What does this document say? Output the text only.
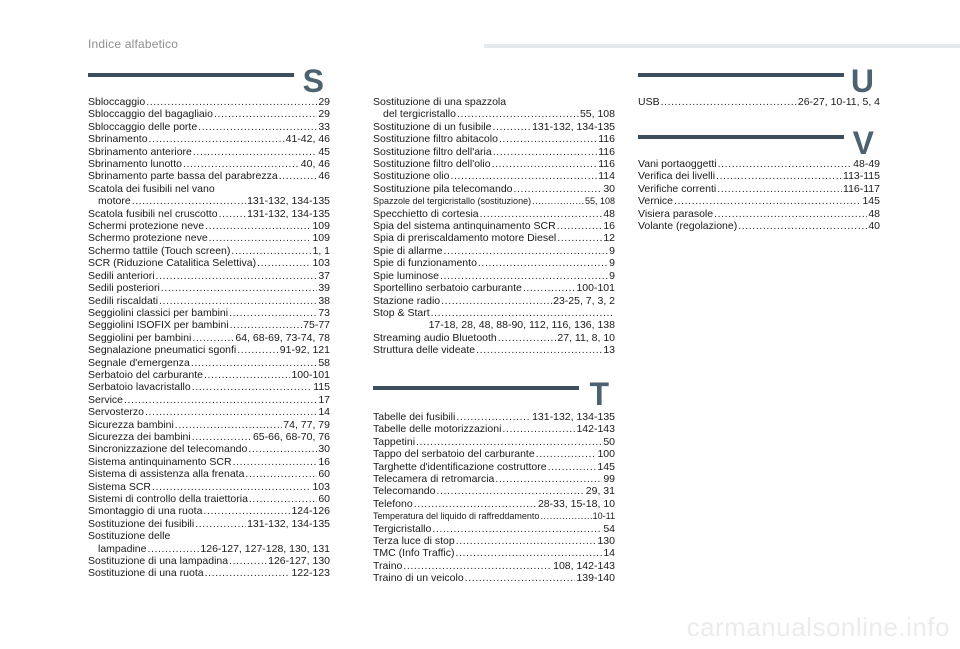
Indice alfabetico
S
Sbloccaggio .....	29
Sbloccaggio del bagagliaio .....	29
Sbloccaggio delle porte .....	33
Sbrinamento .....	41-42, 46
Sbrinamento anteriore .....	45
Sbrinamento lunotto .....	40, 46
Sbrinamento parte bassa del parabrezza .....	46
Scatola dei fusibili nel vano
motore .....	131-132, 134-135
Scatola fusibili nel cruscotto .....	131-132, 134-135
Schermi protezione neve .....	109
Schermo protezione neve .....	109
Schermo tattile (Touch screen) .....	1, 1
SCR (Riduzione Catalitica Selettiva) .....	103
Sedili anteriori .....	37
Sedili posteriori .....	39
Sedili riscaldati .....	38
Seggiolini classici per bambini .....	73
Seggiolini ISOFIX per bambini .....	75-77
Seggiolini per bambini .....	64, 68-69, 73-74, 78
Segnalazione pneumatici sgonfi .....	91-92, 121
Segnale d'emergenza .....	58
Serbatoio del carburante .....	100-101
Serbatoio lavacristallo .....	115
Service .....	17
Servosterzo .....	14
Sicurezza bambini .....	74, 77, 79
Sicurezza dei bambini .....	65-66, 68-70, 76
Sincronizzazione del telecomando .....	30
Sistema antinquinamento SCR .....	16
Sistema di assistenza alla frenata .....	60
Sistema SCR .....	103
Sistemi di controllo della traiettoria .....	60
Smontaggio di una ruota .....	124-126
Sostituzione dei fusibili .....	131-132, 134-135
Sostituzione delle
lampadine .....	126-127, 127-128, 130, 131
Sostituzione di una lampadina .....	126-127, 130
Sostituzione di una ruota .....	122-123
Sostituzione di una spazzola
del tergicristallo .....	55, 108
Sostituzione di un fusibile .....	131-132, 134-135
Sostituzione filtro abitacolo .....	116
Sostituzione filtro dell'aria .....	116
Sostituzione filtro dell'olio .....	116
Sostituzione olio .....	114
Sostituzione pila telecomando .....	30
Spazzole del tergicristallo (sostituzione) .....	55, 108
Specchietto di cortesia .....	48
Spia del sistema antinquinamento SCR .....	16
Spia di preriscaldamento motore Diesel .....	12
Spie di allarme .....	9
Spie di funzionamento .....	9
Spie luminose .....	9
Sportellino serbatoio carburante .....	100-101
Stazione radio .....	23-25, 7, 3, 2
Stop & Start
.....
17-18, 28, 48, 88-90, 112, 116, 136, 138
Streaming audio Bluetooth .....	27, 11, 8, 10
Struttura delle videate .....	13
T
Tabelle dei fusibili .....	131-132, 134-135
Tabelle delle motorizzazioni .....	142-143
Tappetini .....	50
Tappo del serbatoio del carburante .....	100
Targhette d'identificazione costruttore .....	145
Telecamera di retromarcia .....	99
Telecomando .....	29, 31
Telefono .....	28-33, 15-18, 10
Temperatura del liquido di raffreddamento .....	10-11
Tergicristallo .....	54
Terza luce di stop .....	130
TMC (Info Traffic) .....	14
Traino .....	108, 142-143
Traino di un veicolo .....	139-140
U
USB .....	26-27, 10-11, 5, 4
V
Vani portaoggetti .....	48-49
Verifica dei livelli .....	113-115
Verifiche correnti .....	116-117
Vernice .....	145
Visiera parasole .....	48
Volante (regolazione) .....	40
carmanualsonline.info
